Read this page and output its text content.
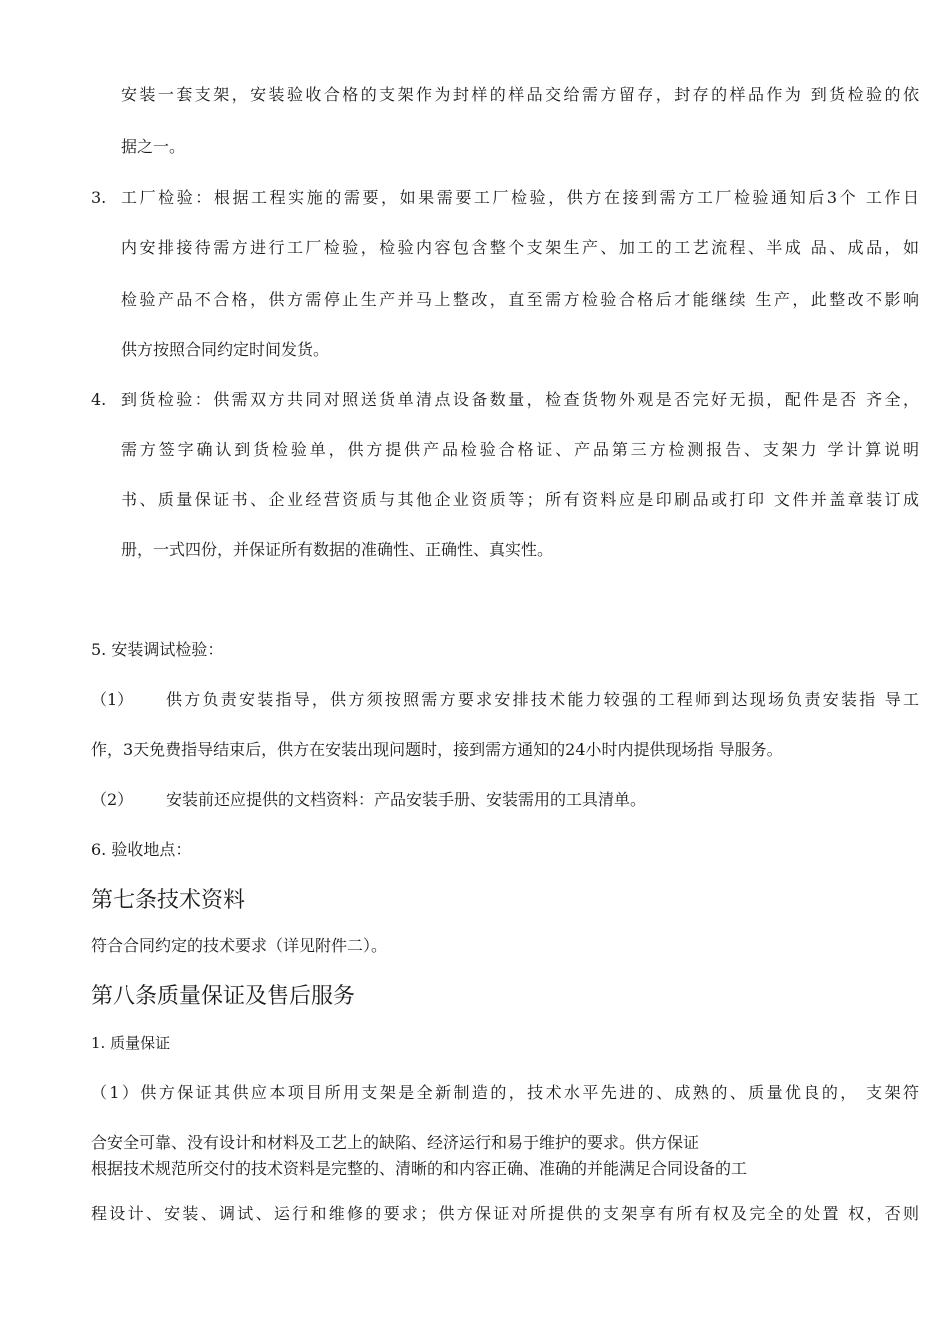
安装一套支架，安装验收合格的支架作为封样的样品交给需方留存，封存的样品作为 到货检验的依
据之一。
3. 工厂检验：根据工程实施的需要，如果需要工厂检验，供方在接到需方工厂检验通知后3个 工作日
内安排接待需方进行工厂检验，检验内容包含整个支架生产、加工的工艺流程、半成 品、成品，如
检验产品不合格，供方需停止生产并马上整改，直至需方检验合格后才能继续 生产，此整改不影响
供方按照合同约定时间发货。
4. 到货检验：供需双方共同对照送货单清点设备数量，检查货物外观是否完好无损，配件是否 齐全，
需方签字确认到货检验单，供方提供产品检验合格证、产品第三方检测报告、支架力 学计算说明
书、质量保证书、企业经营资质与其他企业资质等；所有资料应是印刷品或打印 文件并盖章装订成
册，一式四份，并保证所有数据的准确性、正确性、真实性。
5. 安装调试检验：
（1） 供方负责安装指导，供方须按照需方要求安排技术能力较强的工程师到达现场负责安装指 导工
作，3天免费指导结束后，供方在安装出现问题时，接到需方通知的24小时内提供现场指 导服务。
（2） 安装前还应提供的文档资料：产品安装手册、安装需用的工具清单。
6. 验收地点：
第七条技术资料
符合合同约定的技术要求（详见附件二）。
第八条质量保证及售后服务
1. 质量保证
（1）供方保证其供应本项目所用支架是全新制造的，技术水平先进的、成熟的、质量优良的， 支架符
合安全可靠、没有设计和材料及工艺上的缺陷、经济运行和易于维护的要求。供方保证
根据技术规范所交付的技术资料是完整的、清晰的和内容正确、准确的并能满足合同设备的工
程设计、安装、调试、运行和维修的要求；供方保证对所提供的支架享有所有权及完全的处置 权，否则
